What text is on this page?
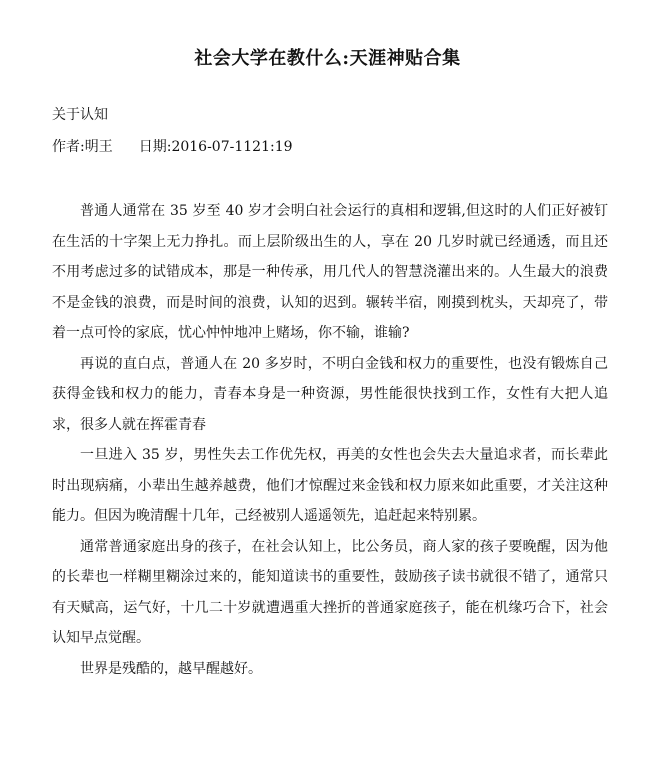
社会大学在教什么:天涯神贴合集
关于认知
作者:明王 日期:2016-07-1121:19

普通人通常在 35 岁至 40 岁才会明白社会运行的真相和逻辑,但这时的人们正好被钉在生活的十字架上无力挣扎。而上层阶级出生的人，享在 20 几岁时就已经通透，而且还不用考虑过多的试错成本，那是一种传承，用几代人的智慧浇灌出来的。人生最大的浪费不是金钱的浪费，而是时间的浪费，认知的迟到。辗转半宿，刚摸到枕头，天却亮了，带着一点可怜的家底，忧心忡忡地冲上赌场，你不输，谁输?

再说的直白点，普通人在 20 多岁时，不明白金钱和权力的重要性，也没有锻炼自己获得金钱和权力的能力，青春本身是一种资源，男性能很快找到工作，女性有大把人追求，很多人就在挥霍青春

一旦进入 35 岁，男性失去工作优先权，再美的女性也会失去大量追求者，而长辈此时出现病痛，小辈出生越养越费，他们才惊醒过来金钱和权力原来如此重要，才关注这种能力。但因为晚清醒十几年，己经被别人遥遥领先，追赶起来特别累。

通常普通家庭出身的孩子，在社会认知上，比公务员，商人家的孩子要晚醒，因为他的长辈也一样糊里糊涂过来的，能知道读书的重要性，鼓励孩子读书就很不错了，通常只有天赋高，运气好，十几二十岁就遭遇重大挫折的普通家庭孩子，能在机缘巧合下，社会认知早点觉醒。

世界是残酷的，越早醒越好。
